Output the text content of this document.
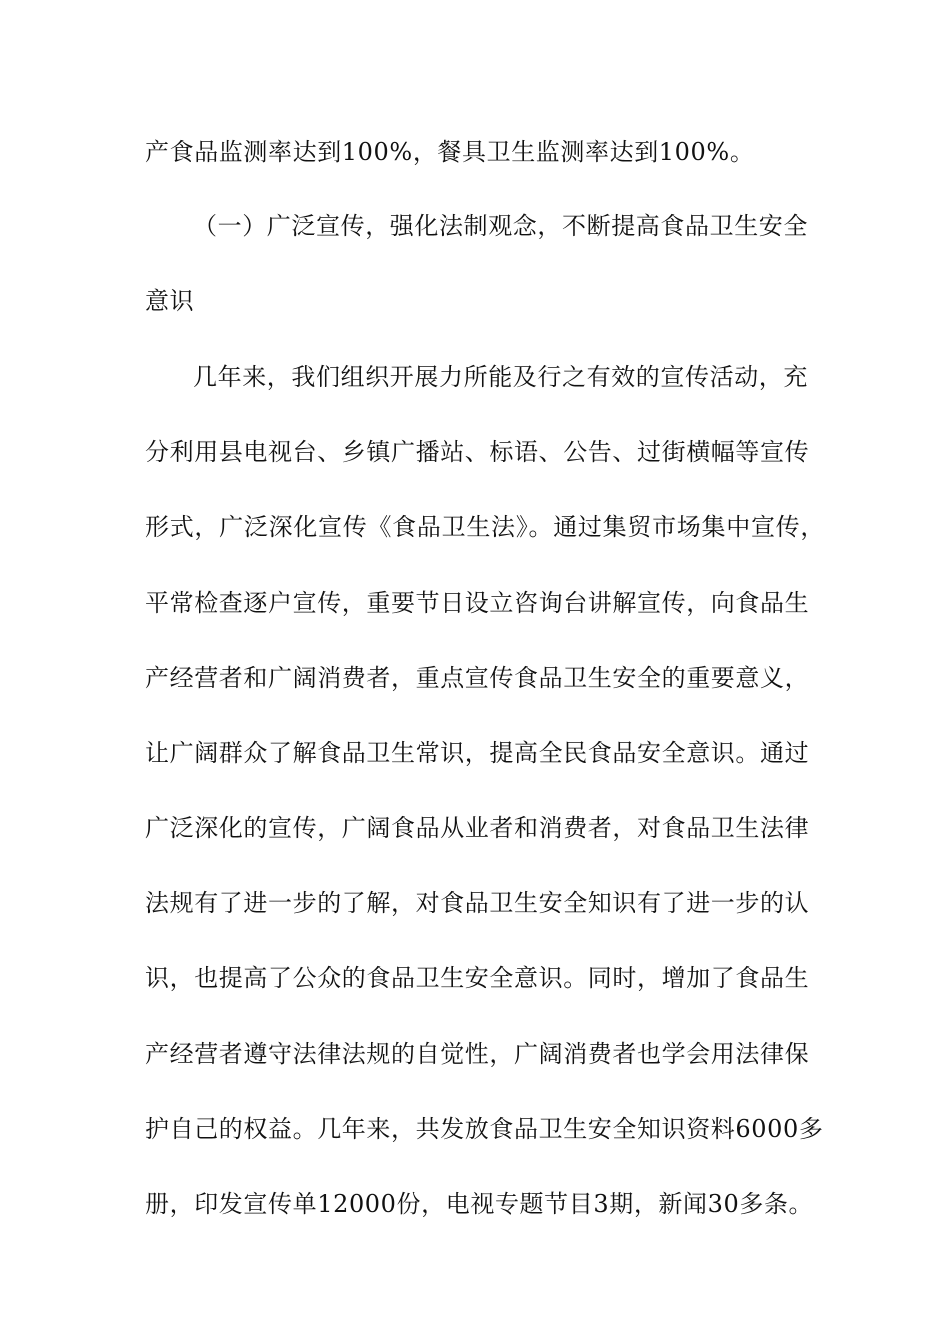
产食品监测率达到100%，餐具卫生监测率达到100%。
（一）广泛宣传，强化法制观念，不断提高食品卫生安全
意识
几年来，我们组织开展力所能及行之有效的宣传活动，充
分利用县电视台、乡镇广播站、标语、公告、过街横幅等宣传
形式，广泛深化宣传《食品卫生法》。通过集贸市场集中宣传，
平常检查逐户宣传，重要节日设立咨询台讲解宣传，向食品生
产经营者和广阔消费者，重点宣传食品卫生安全的重要意义，
让广阔群众了解食品卫生常识，提高全民食品安全意识。通过
广泛深化的宣传，广阔食品从业者和消费者，对食品卫生法律
法规有了进一步的了解，对食品卫生安全知识有了进一步的认
识，也提高了公众的食品卫生安全意识。同时，增加了食品生
产经营者遵守法律法规的自觉性，广阔消费者也学会用法律保
护自己的权益。几年来，共发放食品卫生安全知识资料6000多
册，印发宣传单12000份，电视专题节目3期，新闻30多条。
